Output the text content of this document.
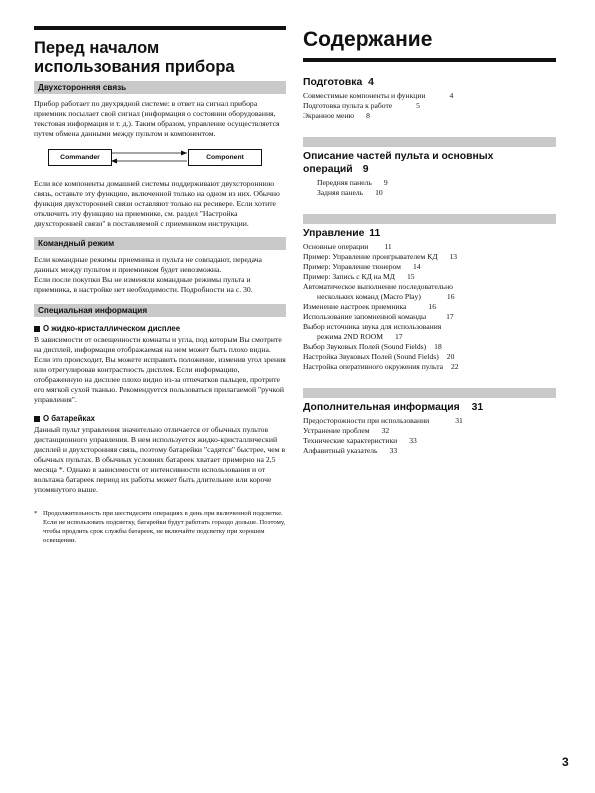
Перед началом
использования прибора
Двухсторонняя связь

Прибор работает по двухрядной системе: в ответ на сигнал прибора приемник посылает свой сигнал (информация о состоянии оборудования, текстовая информация и т. д.). Таким образом, управление осуществляется путем обмена данными между пультом и компонентом.

Commander	Component

Если все компоненты домашней системы поддерживают двухстороннюю связь, оставьте эту функцию, включенной только на одном из них. Обычно функция двухсторонней связи оставляют только на ресивере. Если хотите отключить эту функцию на приемнике, см. раздел "Настройка двухсторонней связи" в поставляемой с приемником инструкции.

Командный режим

Если командные режимы приемника и пульта не совпадают, передача данных между пультом и приемником будет невозможна.

Если после покупки Вы не изменяли командные режимы пульта и приемника, в настройке нет необходимости. Подробности на с. 30.

Специальная информация
О жидко-кристаллическом дисплее

В зависимости от освещенности комнаты и угла, под которым Вы смотрите на дисплей, информация отображаемая на нем может быть плохо видна. Если это происходит, Вы можете исправить положение, изменив угол зрения или отрегулировав контрастность дисплея. Если информацию, отображенную на дисплее плохо видно из-за отпечатков пальцев, протрите его мягкой сухой тканью. Рекомендуется пользоваться прилагаемой "ручкой управления".

О батарейках

Данный пульт управления значительно отличается от обычных пультов дистанционного управления. В нем используется жидко-кристаллический дисплей и двухсторонняя связь, поэтому батарейки "садятся" быстрее, чем в обычных пультах. В обычных условиях батареек хватает примерно на 2,5 месяца *. Однако в зависимости от интенсивности использования и от вольтажа батареек период их работы может быть длительнее или короче упомянутого выше.

* Продолжительность при шестидесяти операциях в день при включенной подсветке. Если не использовать подсветку, батарейки будут работать гораздо дольше. Поэтому, чтобы продлить срок службы батареек, не включайте подсветку при хорошем освещении.

Содержание
Подготовка 4
Совместимые компоненты и функции	4
Подготовка пульта к работе	5
Экранное меню 8
Описание частей пульта и основных
операций 9
Передняя панель 9
Задняя панель 10
Управление 11
Основные операции 11
Пример: Управление проигрывателем КД 13
Пример: Управление тюнером 14
Пример: Запись с КД на МД 15
Автоматическое выполнение последовательно
нескольких команд (Macro Play)	16
Изменение настроек приемника	16
Использование запомненной команды	17
Выбор источника звука для использования
режима 2ND ROOM 17
Выбор Звуковых Полей (Sound Fields) 18
Настройка Звуковых Полей (Sound Fields) 20
Настройка оперативного окружения пульта 22
Дополнительная информация 31
Предосторожности при использовании	31
Устранение проблем 32
Технические характеристики 33
Алфавитный указатель 33
3
